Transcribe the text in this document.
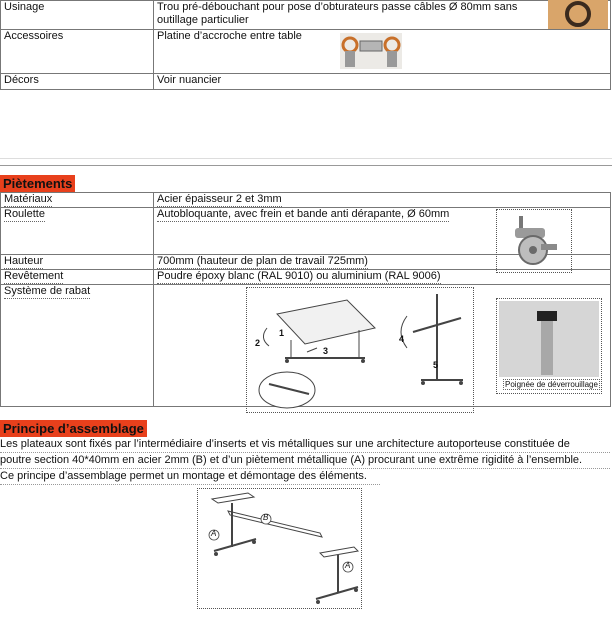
Usinage	Trou pré-débouchant pour pose d’obturateurs passe câbles Ø 80mm sans outillage particulier

Accessoires	Platine d’accroche entre table

Décors	Voir nuancier
Piètements
Matériaux	Acier épaisseur 2 et 3mm
Roulette	Autobloquante, avec frein et bande anti dérapante, Ø 60mm

Hauteur	700mm (hauteur de plan de travail 725mm)
Revêtement	Poudre époxy blanc (RAL 9010) ou aluminium (RAL 9006)
Système de rabat	
2
1
3
4
5
Poignée de déverrouillage
Principe d’assemblage
Les plateaux sont fixés par l’intermédiaire d’inserts et vis métalliques sur une architecture autoporteuse constituée de
poutre section 40*40mm en acier 2mm (B) et d’un piètement métallique (A) procurant une extrême rigidité à l’ensemble.
Ce principe d’assemblage permet un montage et démontage des éléments.
A
B
A
